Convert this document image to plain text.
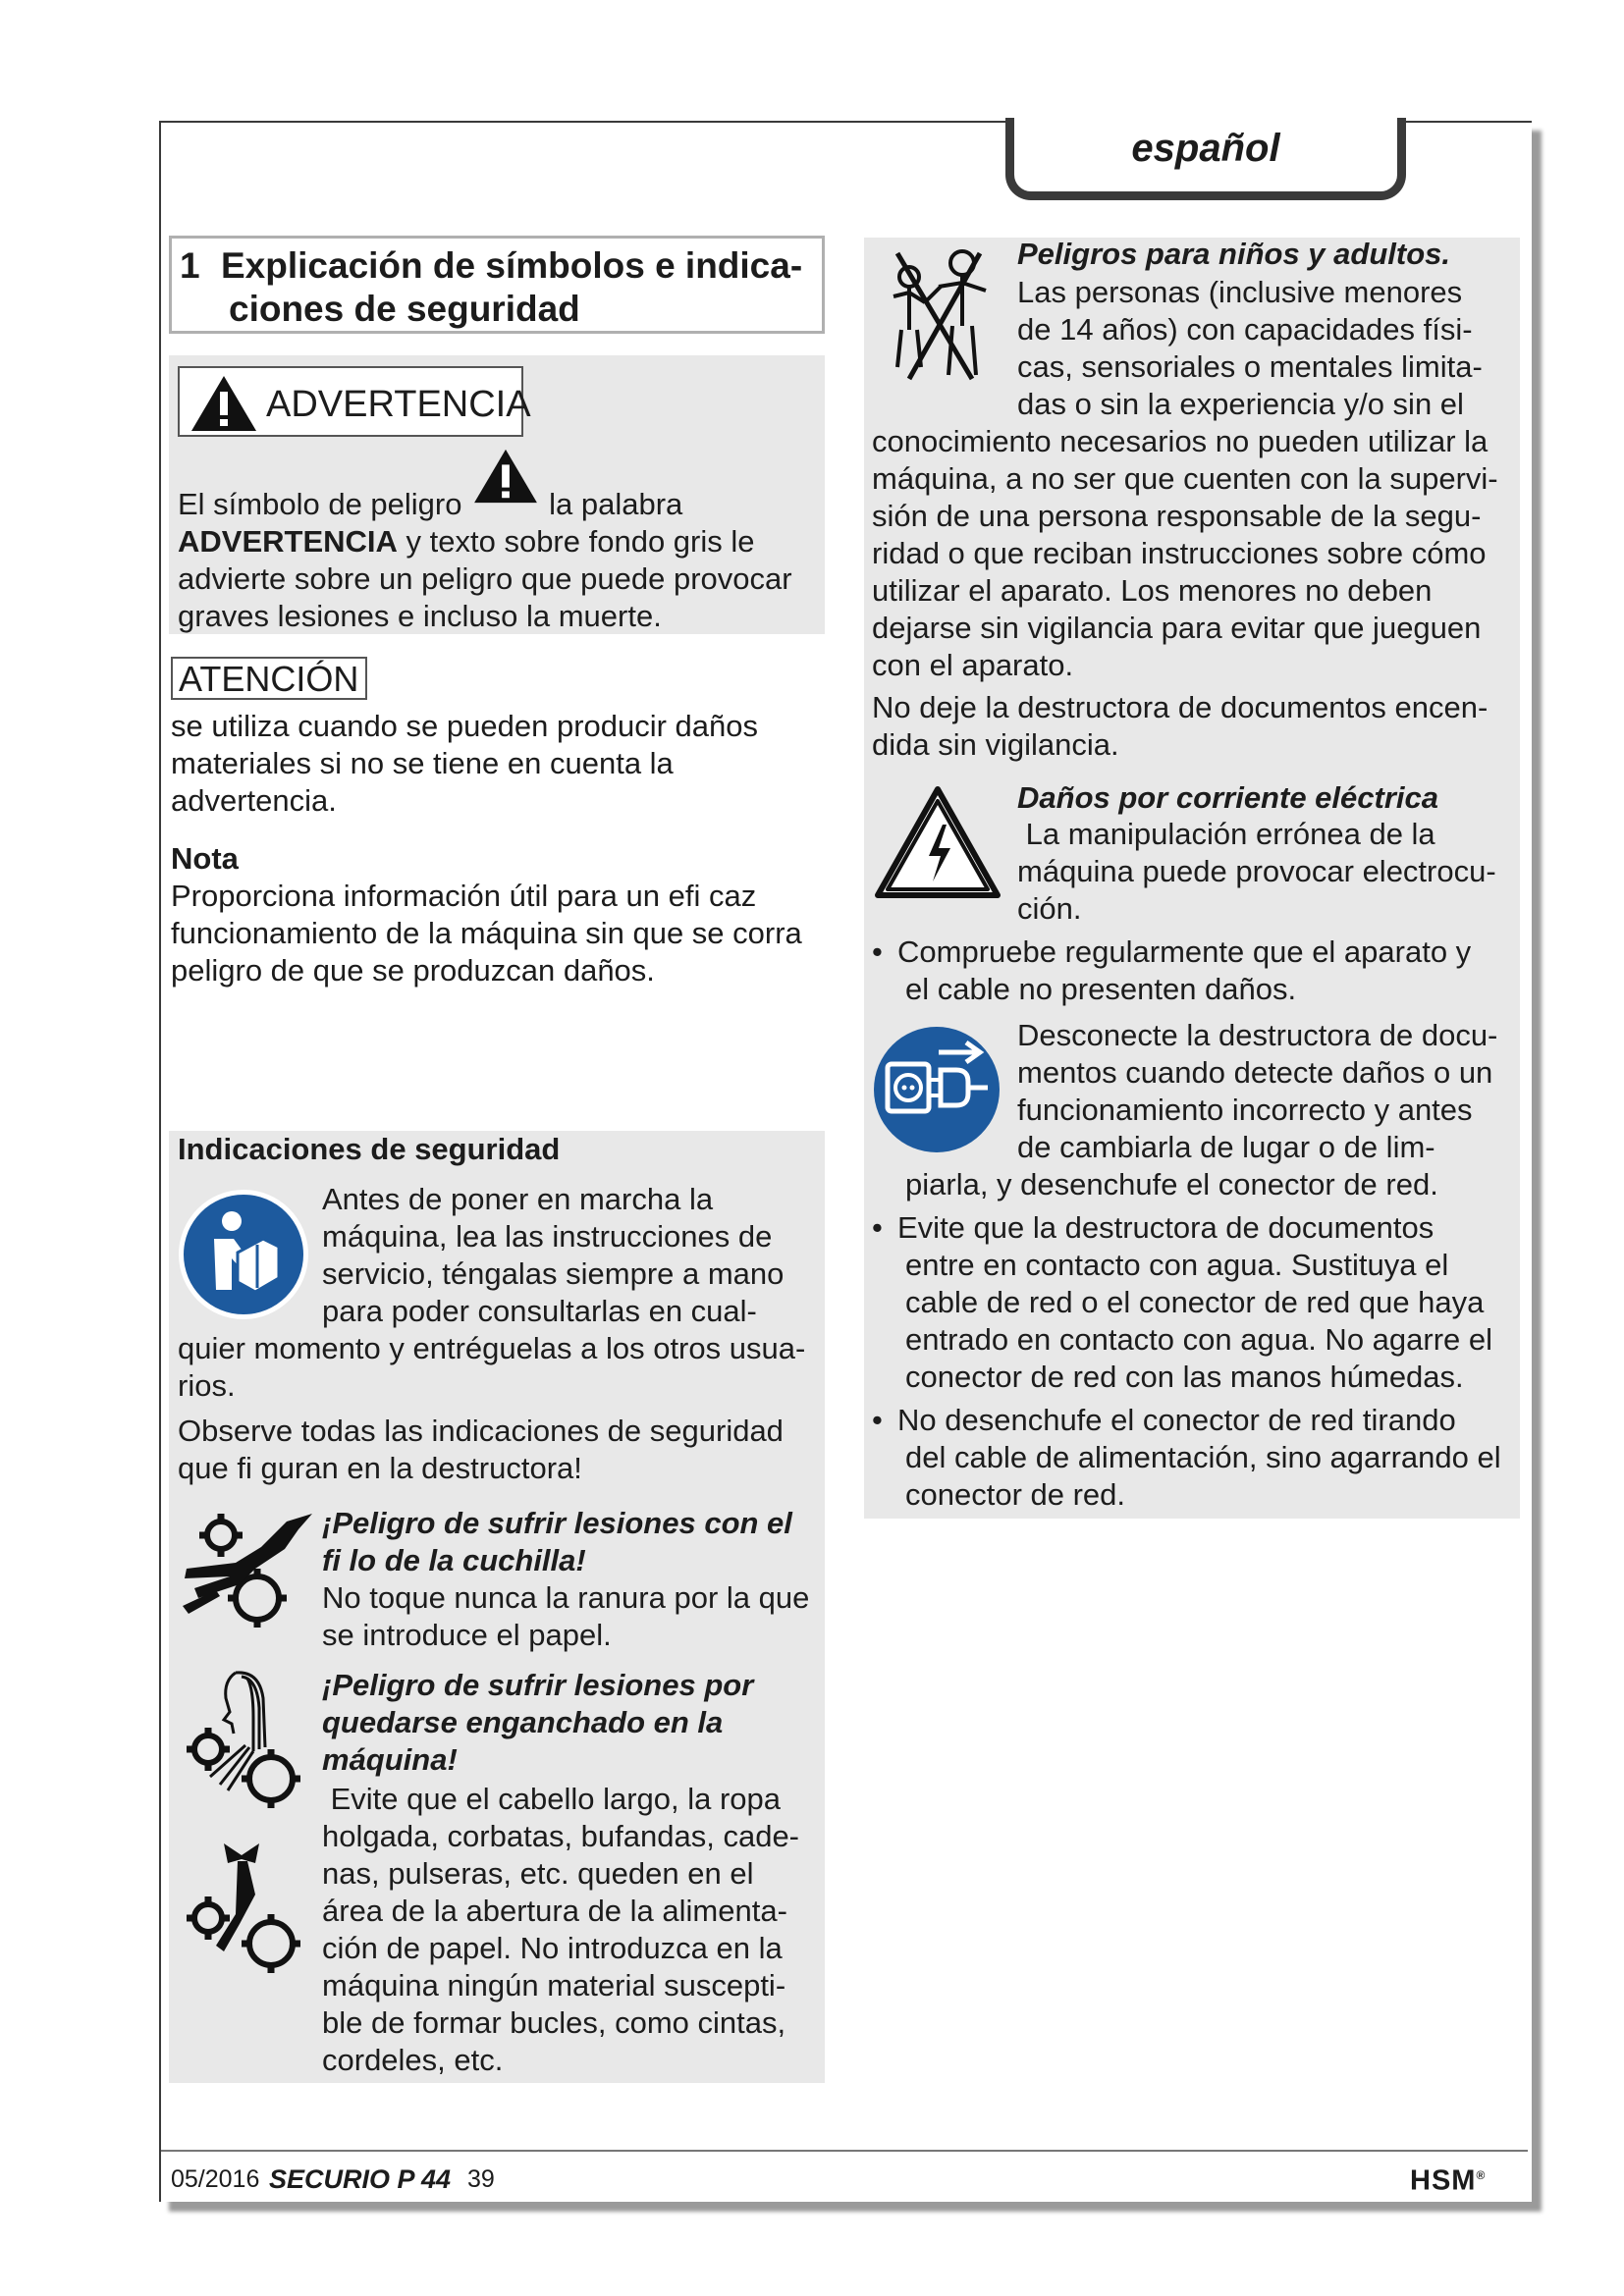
español
1 Explicación de símbolos e indica-
ciones de seguridad
ADVERTENCIA
El símbolo de peligro	la palabra
ADVERTENCIA y texto sobre fondo gris le
advierte sobre un peligro que puede provocar
graves lesiones e incluso la muerte.
ATENCIÓN
se utiliza cuando se pueden producir daños
materiales si no se tiene en cuenta la
advertencia.
Nota
Proporciona información útil para un efi caz
funcionamiento de la máquina sin que se corra
peligro de que se produzcan daños.
Indicaciones de seguridad
Antes de poner en marcha la
máquina, lea las instrucciones de
servicio, téngalas siempre a mano
para poder consultarlas en cual-
quier momento y entréguelas a los otros usua-
rios.
Observe todas las indicaciones de seguridad
que fi guran en la destructora!
¡Peligro de sufrir lesiones con el
fi lo de la cuchilla!
No toque nunca la ranura por la que
se introduce el papel.
¡Peligro de sufrir lesiones por
quedarse enganchado en la
máquina!
Evite que el cabello largo, la ropa
holgada, corbatas, bufandas, cade-
nas, pulseras, etc. queden en el
área de la abertura de la alimenta-
ción de papel. No introduzca en la
máquina ningún material suscepti-
ble de formar bucles, como cintas,
cordeles, etc.
Peligros para niños y adultos.
Las personas (inclusive menores
de 14 años) con capacidades físi-
cas, sensoriales o mentales limita-
das o sin la experiencia y/o sin el
conocimiento necesarios no pueden utilizar la
máquina, a no ser que cuenten con la supervi-
sión de una persona responsable de la segu-
ridad o que reciban instrucciones sobre cómo
utilizar el aparato. Los menores no deben
dejarse sin vigilancia para evitar que jueguen
con el aparato.
No deje la destructora de documentos encen-
dida sin vigilancia.
Daños por corriente eléctrica
La manipulación errónea de la
máquina puede provocar electrocu-
ción.
• Compruebe regularmente que el aparato y
el cable no presenten daños.
Desconecte la destructora de docu-
mentos cuando detecte daños o un
funcionamiento incorrecto y antes
de cambiarla de lugar o de lim-
piarla, y desenchufe el conector de red.
• Evite que la destructora de documentos
entre en contacto con agua. Sustituya el
cable de red o el conector de red que haya
entrado en contacto con agua. No agarre el
conector de red con las manos húmedas.
• No desenchufe el conector de red tirando
del cable de alimentación, sino agarrando el
conector de red.
05/2016 SECURIO P 44 39	HSM®
